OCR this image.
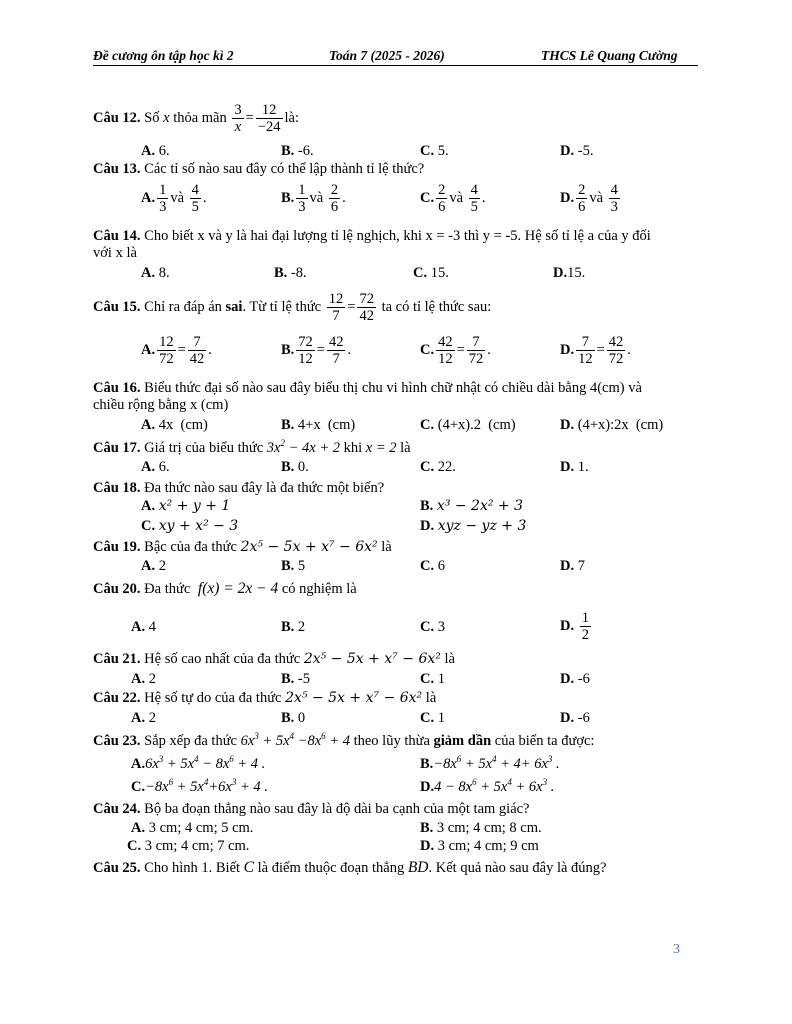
Đề cương ôn tập học kì 2	Toán 7 (2025 - 2026)	THCS Lê Quang Cường
Câu 12. Số x thỏa mãn $\frac{3}{x} = \frac{12}{-24}$ là:
A. 6.	B. -6.	C. 5.	D. -5.
Câu 13. Các tỉ số nào sau đây có thể lập thành tỉ lệ thức?
A. $\frac{1}{3}$ và $\frac{4}{5}$ .	B. $\frac{1}{3}$ và $\frac{2}{6}$ .	C. $\frac{2}{6}$ và $\frac{4}{5}$ .	D. $\frac{2}{6}$ và $\frac{4}{3}$
Câu 14. Cho biết x và y là hai đại lượng tỉ lệ nghịch, khi x = -3 thì y = -5. Hệ số tỉ lệ a của y đối
với x là
A. 8.	B. -8.	C. 15.	D.15.
Câu 15. Chỉ ra đáp án sai. Từ tỉ lệ thức $\frac{12}{7} = \frac{72}{42}$ ta có tỉ lệ thức sau:
A. $\frac{12}{72} = \frac{7}{42}$ .	B. $\frac{72}{12} = \frac{42}{7}$ .	C. $\frac{42}{12} = \frac{7}{72}$ .	D. $\frac{7}{12} = \frac{42}{72}$ .
Câu 16. Biểu thức đại số nào sau đây biểu thị chu vi hình chữ nhật có chiều dài bằng 4(cm) và
chiều rộng bằng x (cm)
A. 4x  (cm)	B. 4+x  (cm)	C. (4+x).2  (cm)	D. (4+x):2x  (cm)
Câu 17. Giá trị của biểu thức $3x^2 - 4x + 2$ khi x = 2 là
A. 6.	B. 0.	C. 22.	D. 1.
Câu 18. Đa thức nào sau đây là đa thức một biến?
A. x² + y + 1	B. x³ − 2x² + 3
C. xy + x² − 3	D. xyz − yz + 3
Câu 19. Bậc của đa thức 2x⁵ − 5x + x⁷ − 6x² là
A. 2	B. 5	C. 6	D. 7
Câu 20. Đa thức f(x) = 2x − 4 có nghiệm là
A. 4	B. 2	C. 3	D. $\frac{1}{2}$
Câu 21. Hệ số cao nhất của đa thức 2x⁵ − 5x + x⁷ − 6x² là
A. 2	B. -5	C. 1	D. -6
Câu 22. Hệ số tự do của đa thức 2x⁵ − 5x + x⁷ − 6x² là
A. 2	B. 0	C. 1	D. -6
Câu 23. Sắp xếp đa thức $6x^3 + 5x^4 -8x^6 + 4$ theo lũy thừa giảm dần của biến ta được:
$A.6x^3 + 5x^4 - 8x^6 + 4$ .	$B.-8x^6 + 5x^4 + 4+ 6x^3$ .
$C.-8x^6 + 5x^4+6x^3 + 4$ .	$D.4 - 8x^6 + 5x^4 + 6x^3$ .
Câu 24. Bộ ba đoạn thẳng nào sau đây là độ dài ba cạnh của một tam giác?
A. 3 cm; 4 cm; 5 cm.	B. 3 cm; 4 cm; 8 cm.
C. 3 cm; 4 cm; 7 cm.	D. 3 cm; 4 cm; 9 cm
Câu 25. Cho hình 1. Biết C là điểm thuộc đoạn thẳng BD. Kết quả nào sau đây là đúng?
3
